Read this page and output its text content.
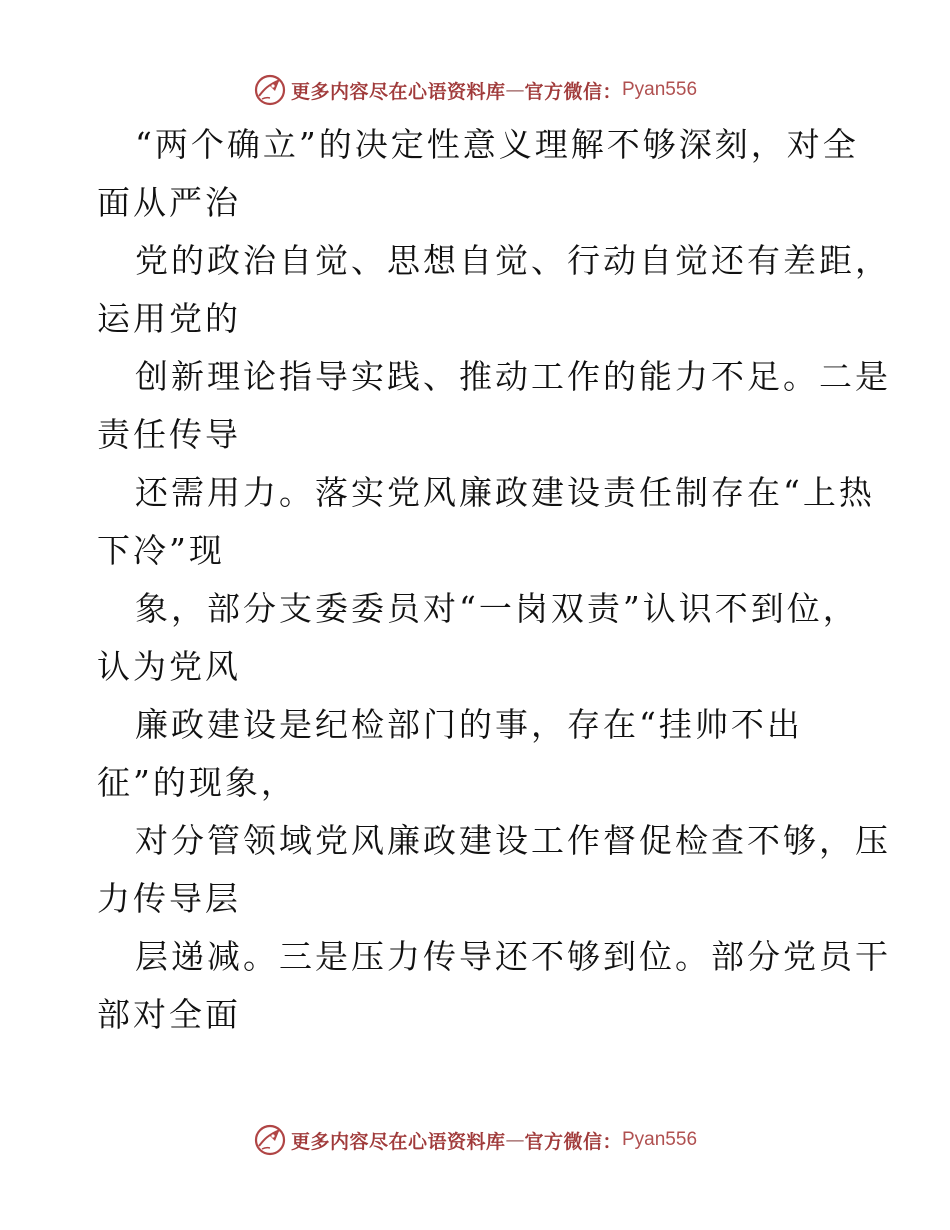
更多内容尽在心语资料库 — 官方微信： Pyan556
“两个确立”的决定性意义理解不够深刻，对全
面从严治
党的政治自觉、思想自觉、行动自觉还有差距，
运用党的
创新理论指导实践、推动工作的能力不足。二是
责任传导
还需用力。落实党风廉政建设责任制存在“上热
下冷”现
象，部分支委委员对“一岗双责”认识不到位，
认为党风
廉政建设是纪检部门的事，存在“挂帅不出
征”的现象，
对分管领域党风廉政建设工作督促检查不够，压
力传导层
层递减。三是压力传导还不够到位。部分党员干
部对全面
更多内容尽在心语资料库 — 官方微信： Pyan556
